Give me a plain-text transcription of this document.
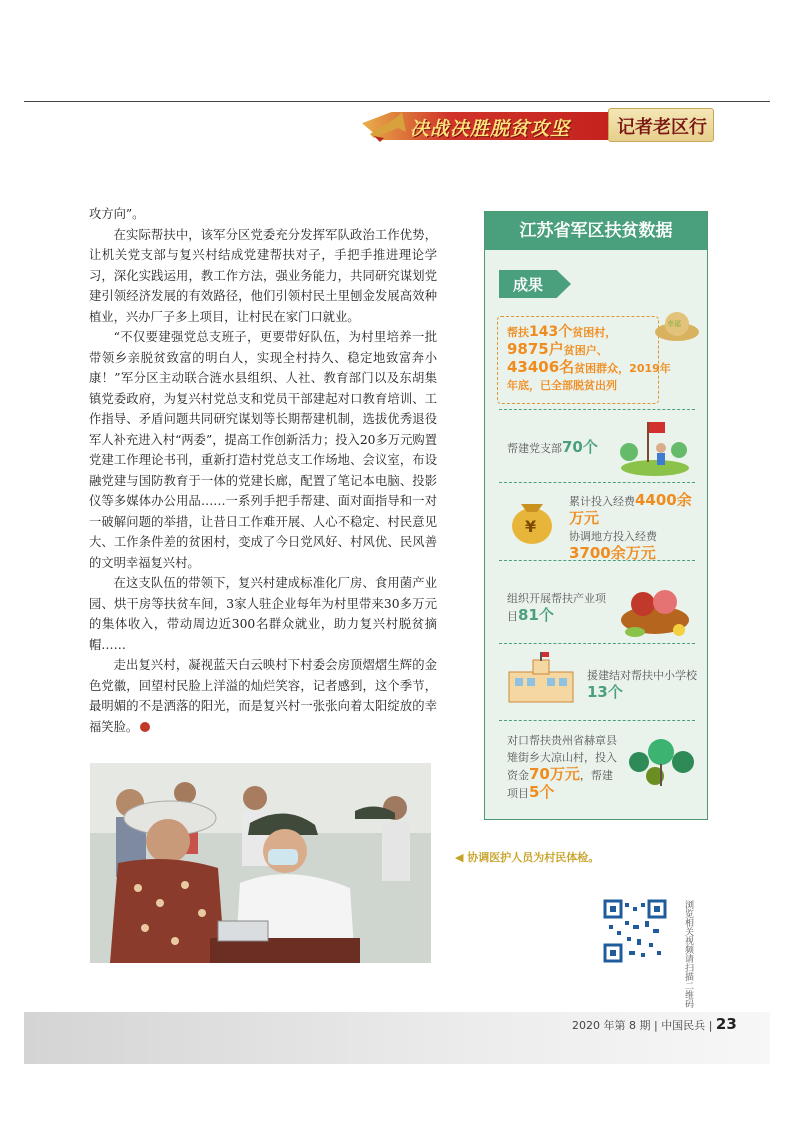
决战决胜脱贫攻坚	记者老区行

攻方向”。

在实际帮扶中，该军分区党委充分发挥军队政治工作优势，让机关党支部与复兴村结成党建帮扶对子，手把手推进理论学习，深化实践运用，教工作方法，强业务能力，共同研究谋划党建引领经济发展的有效路径，他们引领村民土里刨金发展高效种植业，兴办厂子多上项目，让村民在家门口就业。

“不仅要建强党总支班子，更要带好队伍，为村里培养一批带领乡亲脱贫致富的明白人，实现全村持久、稳定地致富奔小康！”军分区主动联合涟水县组织、人社、教育部门以及东胡集镇党委政府，为复兴村党总支和党员干部建起对口教育培训、工作指导、矛盾问题共同研究谋划等长期帮建机制，选拔优秀退役军人补充进入村“两委”，提高工作创新活力；投入20多万元购置党建工作理论书刊，重新打造村党总支工作场地、会议室，布设融党建与国防教育于一体的党建长廊，配置了笔记本电脑、投影仪等多媒体办公用品……一系列手把手帮建、面对面指导和一对一破解问题的举措，让昔日工作难开展、人心不稳定、村民意见大、工作条件差的贫困村，变成了今日党风好、村风优、民风善的文明幸福复兴村。

在这支队伍的带领下，复兴村建成标准化厂房、食用菌产业园、烘干房等扶贫车间，3家人驻企业每年为村里带来30多万元的集体收入，带动周边近300名群众就业，助力复兴村脱贫摘帽……

走出复兴村，凝视蓝天白云映村下村委会房顶熠熠生辉的金色党徽，回望村民脸上洋溢的灿烂笑容，记者感到，这个季节，最明媚的不是洒落的阳光，而是复兴村一张张向着太阳绽放的幸福笑脸。

◀ 协调医护人员为村民体检。
江苏省军区扶贫数据
成果
帮扶143个贫困村，
9875户贫困户、
43406名贫困群众，2019年年底，已全部脱贫出列
幸福
帮建党支部70个
累计投入经费4400余万元
协调地方投入经费
3700余万元
¥
组织开展帮扶产业项目81个
援建结对帮扶中小学校13个
对口帮扶贵州省赫章县雉街乡大凉山村，投入资金70万元，帮建项目5个
浏览相关视频请扫描二维码
2020 年第 8 期 | 中国民兵 | 23
